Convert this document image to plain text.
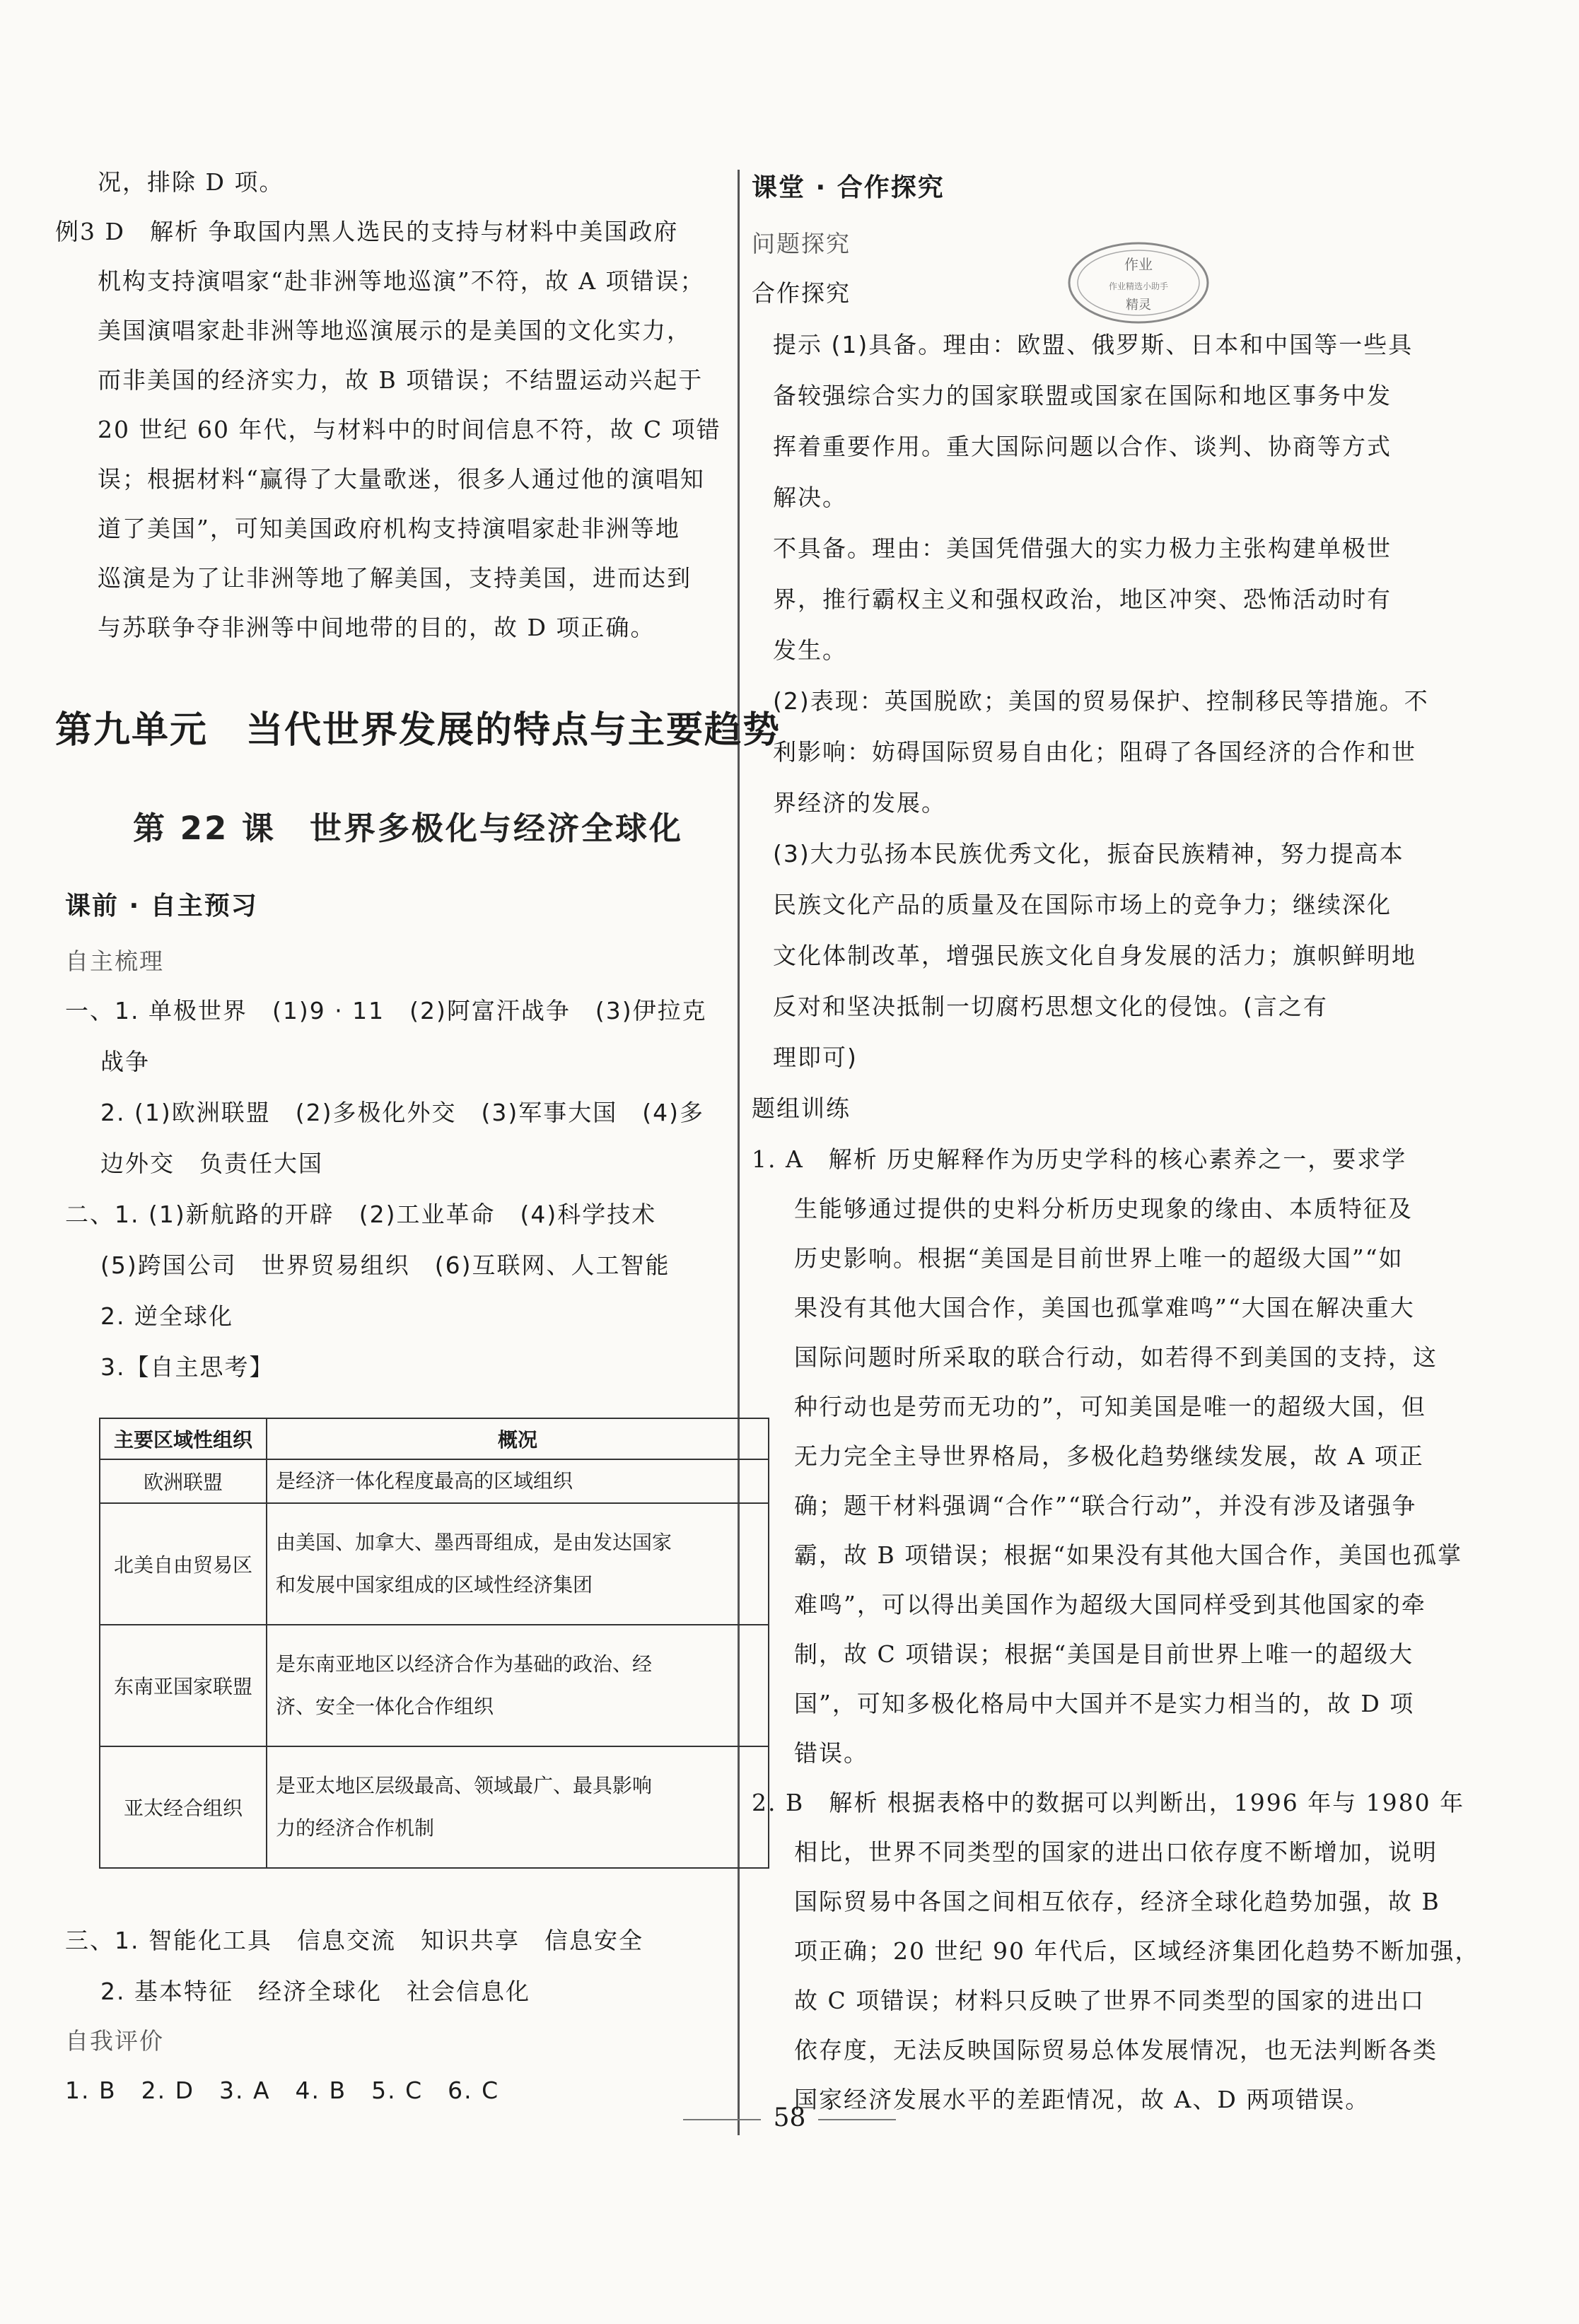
况，排除 D 项。
例3 D　解析 争取国内黑人选民的支持与材料中美国政府
机构支持演唱家“赴非洲等地巡演”不符，故 A 项错误；
美国演唱家赴非洲等地巡演展示的是美国的文化实力，
而非美国的经济实力，故 B 项错误；不结盟运动兴起于
20 世纪 60 年代，与材料中的时间信息不符，故 C 项错
误；根据材料“赢得了大量歌迷，很多人通过他的演唱知
道了美国”，可知美国政府机构支持演唱家赴非洲等地
巡演是为了让非洲等地了解美国，支持美国，进而达到
与苏联争夺非洲等中间地带的目的，故 D 项正确。
第九单元　当代世界发展的特点与主要趋势
第 22 课　世界多极化与经济全球化
课前 · 自主预习
自主梳理
一、1. 单极世界　(1)9 · 11　(2)阿富汗战争　(3)伊拉克
战争
2. (1)欧洲联盟　(2)多极化外交　(3)军事大国　(4)多
边外交　负责任大国
二、1. (1)新航路的开辟　(2)工业革命　(4)科学技术
(5)跨国公司　世界贸易组织　(6)互联网、人工智能
2. 逆全球化
3.【自主思考】
主要区域性组织	概况
欧洲联盟	是经济一体化程度最高的区域组织
北美自由贸易区	由美国、加拿大、墨西哥组成，是由发达国家
和发展中国家组成的区域性经济集团

东南亚国家联盟	是东南亚地区以经济合作为基础的政治、经
济、安全一体化合作组织

亚太经合组织	是亚太地区层级最高、领域最广、最具影响
力的经济合作机制
三、1. 智能化工具　信息交流　知识共享　信息安全
2. 基本特征　经济全球化　社会信息化
自我评价
1. B　2. D　3. A　4. B　5. C　6. C
课堂 · 合作探究
问题探究
合作探究
提示 (1)具备。理由：欧盟、俄罗斯、日本和中国等一些具
备较强综合实力的国家联盟或国家在国际和地区事务中发
挥着重要作用。重大国际问题以合作、谈判、协商等方式
解决。
不具备。理由：美国凭借强大的实力极力主张构建单极世
界，推行霸权主义和强权政治，地区冲突、恐怖活动时有
发生。
(2)表现：英国脱欧；美国的贸易保护、控制移民等措施。不
利影响：妨碍国际贸易自由化；阻碍了各国经济的合作和世
界经济的发展。
(3)大力弘扬本民族优秀文化，振奋民族精神，努力提高本
民族文化产品的质量及在国际市场上的竞争力；继续深化
文化体制改革，增强民族文化自身发展的活力；旗帜鲜明地
反对和坚决抵制一切腐朽思想文化的侵蚀。(言之有
理即可)
题组训练
1. A　解析 历史解释作为历史学科的核心素养之一，要求学
生能够通过提供的史料分析历史现象的缘由、本质特征及
历史影响。根据“美国是目前世界上唯一的超级大国”“如
果没有其他大国合作，美国也孤掌难鸣”“大国在解决重大
国际问题时所采取的联合行动，如若得不到美国的支持，这
种行动也是劳而无功的”，可知美国是唯一的超级大国，但
无力完全主导世界格局，多极化趋势继续发展，故 A 项正
确；题干材料强调“合作”“联合行动”，并没有涉及诸强争
霸，故 B 项错误；根据“如果没有其他大国合作，美国也孤掌
难鸣”，可以得出美国作为超级大国同样受到其他国家的牵
制，故 C 项错误；根据“美国是目前世界上唯一的超级大
国”，可知多极化格局中大国并不是实力相当的，故 D 项
错误。
2. B　解析 根据表格中的数据可以判断出，1996 年与 1980 年
相比，世界不同类型的国家的进出口依存度不断增加，说明
国际贸易中各国之间相互依存，经济全球化趋势加强，故 B
项正确；20 世纪 90 年代后，区域经济集团化趋势不断加强，
故 C 项错误；材料只反映了世界不同类型的国家的进出口
依存度，无法反映国际贸易总体发展情况，也无法判断各类
国家经济发展水平的差距情况，故 A、D 两项错误。
作业
作业精选小助手
精灵
58
